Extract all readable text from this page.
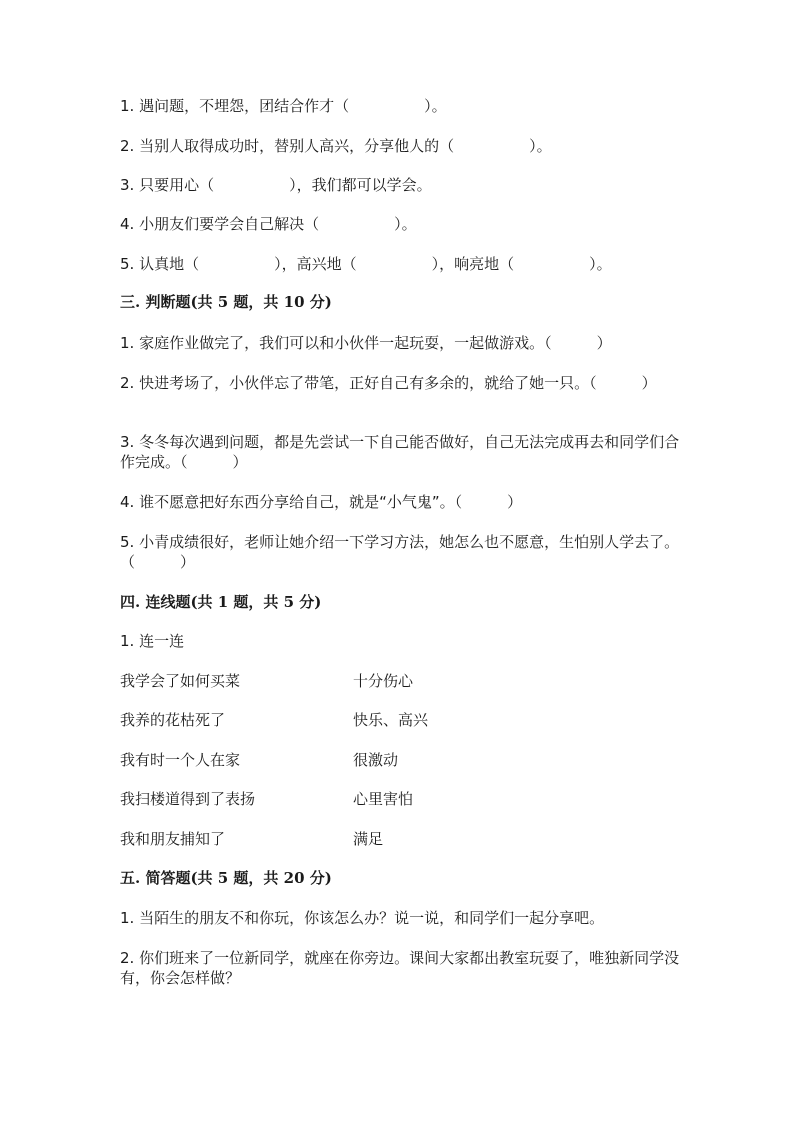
1. 遇问题，不埋怨，团结合作才（　　　　　）。
2. 当别人取得成功时，替别人高兴，分享他人的（　　　　　）。
3. 只要用心（　　　　　），我们都可以学会。
4. 小朋友们要学会自己解决（　　　　　）。
5. 认真地（　　　　　），高兴地（　　　　　），响亮地（　　　　　）。
三. 判断题(共 5 题，共 10 分)
1. 家庭作业做完了，我们可以和小伙伴一起玩耍，一起做游戏。（　　　）
2. 快进考场了，小伙伴忘了带笔，正好自己有多余的，就给了她一只。（　　　）
3. 冬冬每次遇到问题，都是先尝试一下自己能否做好，自己无法完成再去和同学们合作完成。（　　　）
4. 谁不愿意把好东西分享给自己，就是“小气鬼”。（　　　）
5. 小青成绩很好，老师让她介绍一下学习方法，她怎么也不愿意，生怕别人学去了。（　　　）
四. 连线题(共 1 题，共 5 分)
1. 连一连
我学会了如何买菜	十分伤心
我养的花枯死了	快乐、高兴
我有时一个人在家	很激动
我扫楼道得到了表扬	心里害怕
我和朋友捕知了	满足
五. 简答题(共 5 题，共 20 分)
1. 当陌生的朋友不和你玩，你该怎么办？说一说，和同学们一起分享吧。
2. 你们班来了一位新同学，就座在你旁边。课间大家都出教室玩耍了，唯独新同学没有，你会怎样做？
